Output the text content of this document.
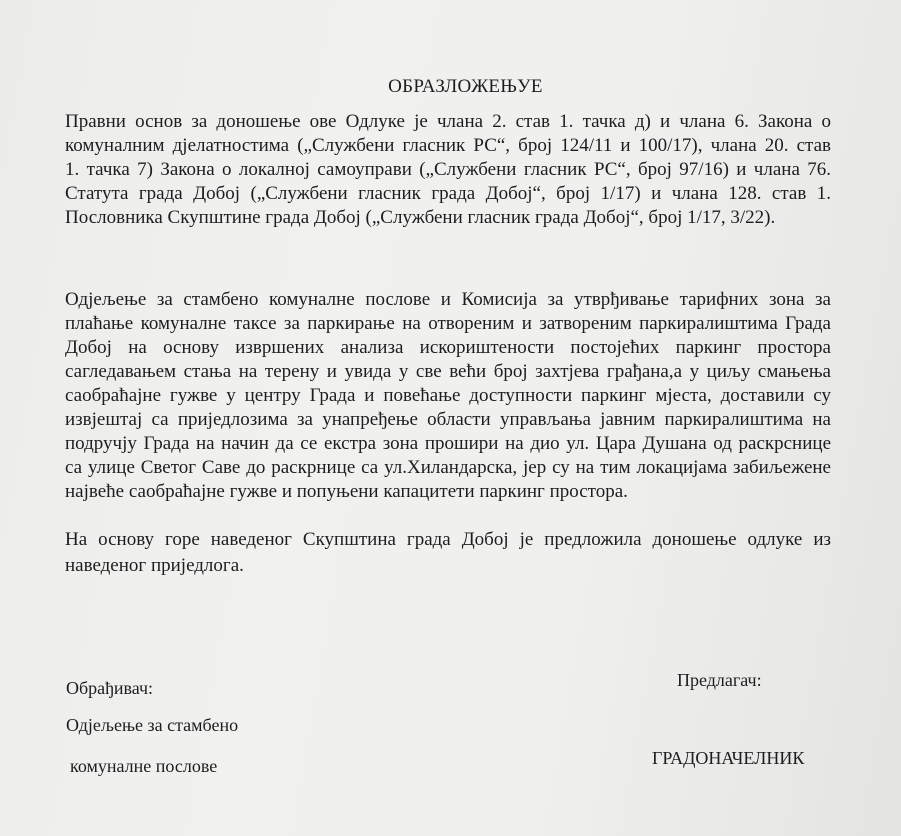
ОБРАЗЛОЖЕЊУЕ
Правни основ за доношење ове Одлуке је члана 2. став 1. тачка д) и члана 6. Закона о
комуналним дјелатностима („Службени гласник РС“, број 124/11 и 100/17), члана 20. став
1. тачка 7) Закона о локалној самоуправи („Службени гласник РС“, број 97/16) и члана 76.
Статута града Добој („Службени гласник града Добој“, број 1/17) и члана 128. став 1.
Пословника Скупштине града Добој („Службени гласник града Добој“, број 1/17, 3/22).
Одјељење за стамбено комуналне послове и Комисија за утврђивање тарифних зона за
плаћање комуналне таксе за паркирање на отвореним и затвореним паркиралиштима Града
Добој на основу извршених анализа искориштености постојећих паркинг простора
сагледавањем стања на терену и увида у све већи број захтјева грађана,а у циљу смањења
саобраћајне гужве у центру Града и повећање доступности паркинг мјеста, доставили су
извјештај са приједлозима за унапређење области управљања јавним паркиралиштима на
подручју Града на начин да се екстра зона прошири на дио ул. Цара Душана од раскрснице
са улице Светог Саве до раскрнице са ул.Хиландарска, јер су на тим локацијама забиљежене
највеће саобраћајне гужве и попуњени капацитети паркинг простора.
На основу горе наведеног Скупштина града Добој је предложила доношење одлуке из
наведеног приједлога.
Обрађивач:
Одјељење за стамбено
комуналне послове
Предлагач:
ГРАДОНАЧЕЛНИК
